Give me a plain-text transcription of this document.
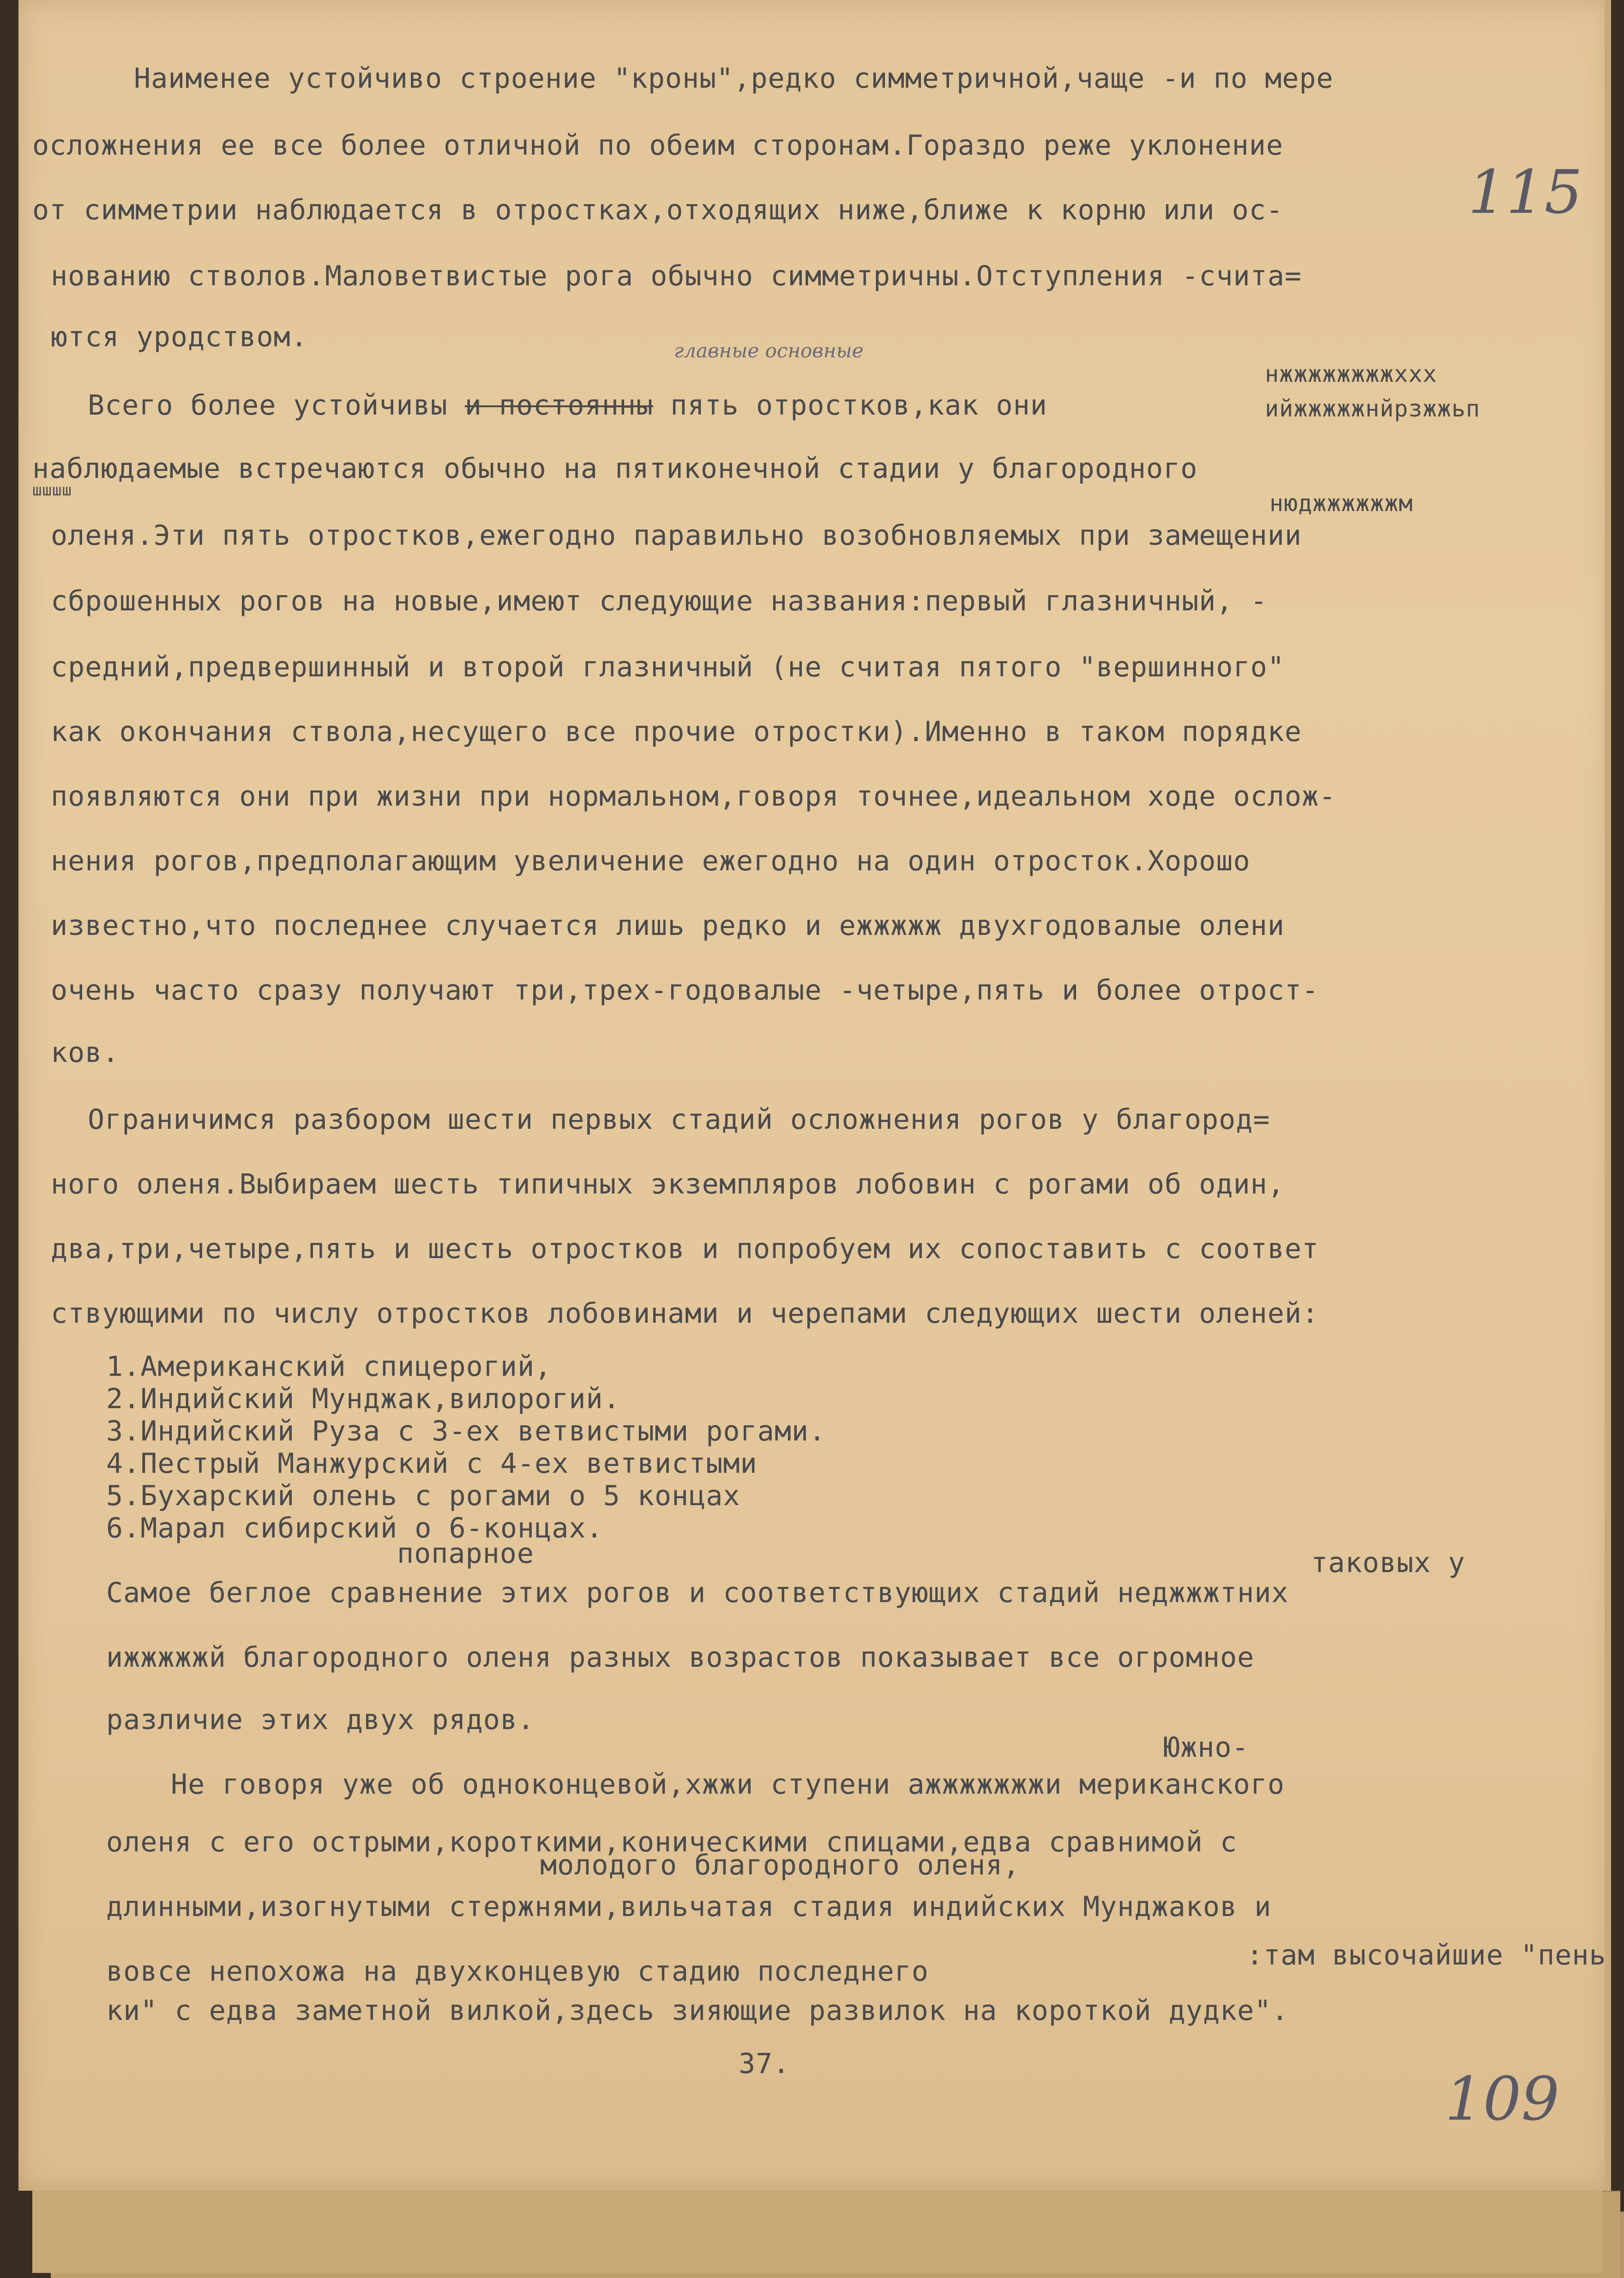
Наименее устойчиво строение "кроны",редко симметричной,чаще -и по мере
осложнения ее все более отличной по обеим сторонам.Гораздо реже уклонение
от симметрии наблюдается в отростках,отходящих ниже,ближе к корню или ос-
нованию стволов.Маловетвистые рога обычно симметричны.Отступления -счита=
ются уродством.
115
главные основные
нжжжжжжжжххх
Всего более устойчивы и постоянны пять отростков,как они	ийжжжжжнйрзжжьп
наблюдаемые встречаются обычно на пятиконечной стадии у благородного
шшшш	нюджжжжжжм
оленя.Эти пять отростков,ежегодно паравильно возобновляемых при замещении
сброшенных рогов на новые,имеют следующие названия:первый глазничный, -
средний,предвершинный и второй глазничный (не считая пятого "вершинного"
как окончания ствола,несущего все прочие отростки).Именно в таком порядке
появляются они при жизни при нормальном,говоря точнее,идеальном ходе ослож-
нения рогов,предполагающим увеличение ежегодно на один отросток.Хорошо
известно,что последнее случается лишь редко и ежжжжж двухгодовалые олени
очень часто сразу получают три,трех-годовалые -четыре,пять и более отрост-
ков.
Ограничимся разбором шести первых стадий осложнения рогов у благород=
ного оленя.Выбираем шесть типичных экземпляров лобовин с рогами об один,
два,три,четыре,пять и шесть отростков и попробуем их сопоставить с соответ
ствующими по числу отростков лобовинами и черепами следующих шести оленей:
1.Американский спицерогий,
2.Индийский Мунджак,вилорогий.
3.Индийский Руза с 3-ех ветвистыми рогами.
4.Пестрый Манжурский с 4-ех ветвистыми
5.Бухарский олень с рогами о 5 концах
6.Марал сибирский о 6-концах.
попарное	таковых у
Самое беглое сравнение этих рогов и соответствующих стадий неджжжтних
ижжжжжй благородного оленя разных возрастов показывает все огромное
различие этих двух рядов.
Южно-
Не говоря уже об одноконцевой,хжжи ступени ажжжжжжжи мериканского
оленя с его острыми,короткими,коническими спицами,едва сравнимой с
молодого благородного оленя,
длинными,изогнутыми стержнями,вильчатая стадия индийских Мунджаков и
вовсе непохожа на двухконцевую стадию последнего	:там высочайшие "пень
ки" с едва заметной вилкой,здесь зияющие развилок на короткой дудке".
37.	109
